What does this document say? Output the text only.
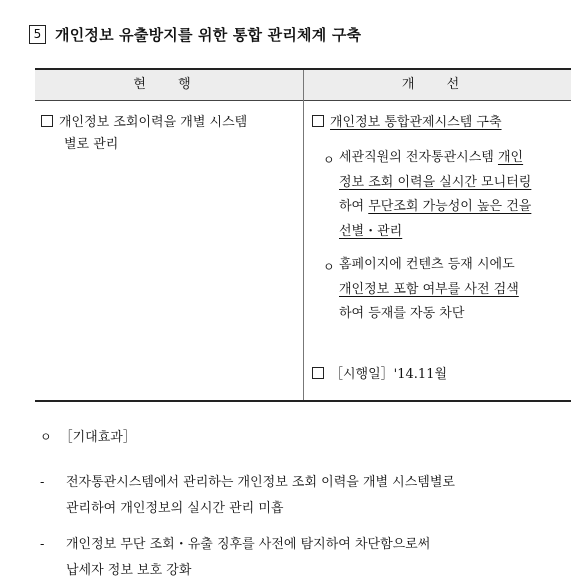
5 개인정보 유출방지를 위한 통합 관리체계 구축
현 행	개 선
개인정보 조회이력을 개별 시스템
별로 관리
개인정보 통합관제시스템 구축
ㅇ 세관직원의 전자통관시스템 개인
정보 조회 이력을 실시간 모니터링
하여 무단조회 가능성이 높은 건을
선별・관리
ㅇ 홈페이지에 컨텐츠 등재 시에도
개인정보 포함 여부를 사전 검색
하여 등재를 자동 차단
［시행일］'14.11월
ㅇ ［기대효과］
- 전자통관시스템에서 관리하는 개인정보 조회 이력을 개별 시스템별로
관리하여 개인정보의 실시간 관리 미흡
- 개인정보 무단 조회・유출 징후를 사전에 탐지하여 차단함으로써
납세자 정보 보호 강화
